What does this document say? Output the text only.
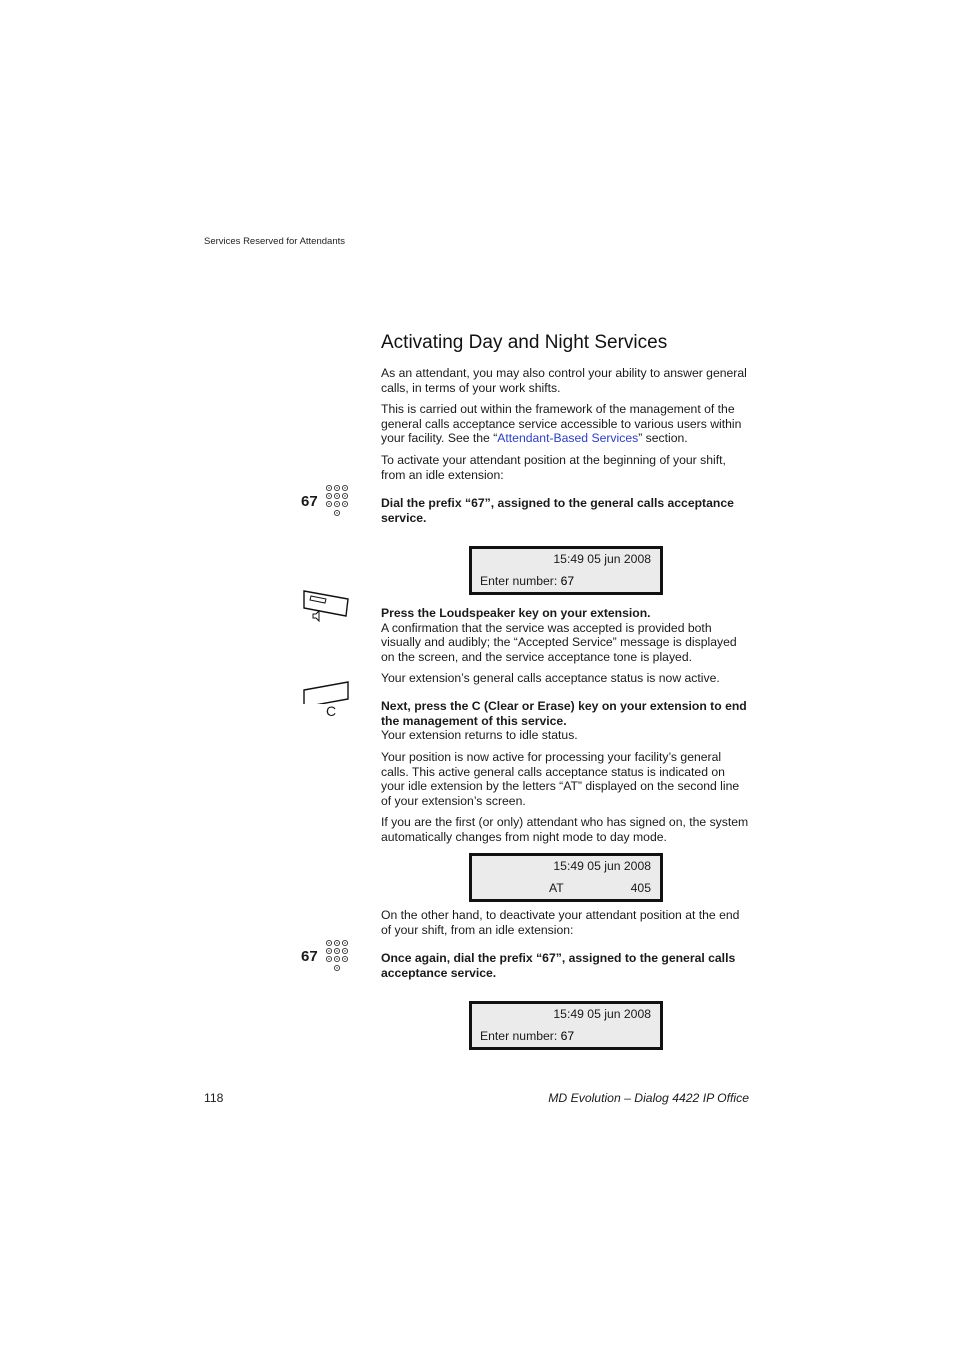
Services Reserved for Attendants
Activating Day and Night Services

As an attendant, you may also control your ability to answer general calls, in terms of your work shifts.

This is carried out within the framework of the management of the general calls acceptance service accessible to various users within your facility. See the “Attendant-Based Services” section.

To activate your attendant position at the beginning of your shift, from an idle extension:

67	Dial the prefix “67”, assigned to the general calls acceptance service.

15:49 05 jun 2008
Enter number: 67

Press the Loudspeaker key on your extension.
A confirmation that the service was accepted is provided both visually and audibly; the “Accepted Service” message is displayed on the screen, and the service acceptance tone is played.

Your extension’s general calls acceptance status is now active.

C	Next, press the C (Clear or Erase) key on your extension to end the management of this service.
Your extension returns to idle status.

Your position is now active for processing your facility’s general calls. This active general calls acceptance status is indicated on your idle extension by the letters “AT” displayed on the second line of your extension’s screen.

If you are the first (or only) attendant who has signed on, the system automatically changes from night mode to day mode.

15:49 05 jun 2008
AT	405

On the other hand, to deactivate your attendant position at the end of your shift, from an idle extension:

67	Once again, dial the prefix “67”, assigned to the general calls acceptance service.

15:49 05 jun 2008
Enter number: 67
118	MD Evolution – Dialog 4422 IP Office
